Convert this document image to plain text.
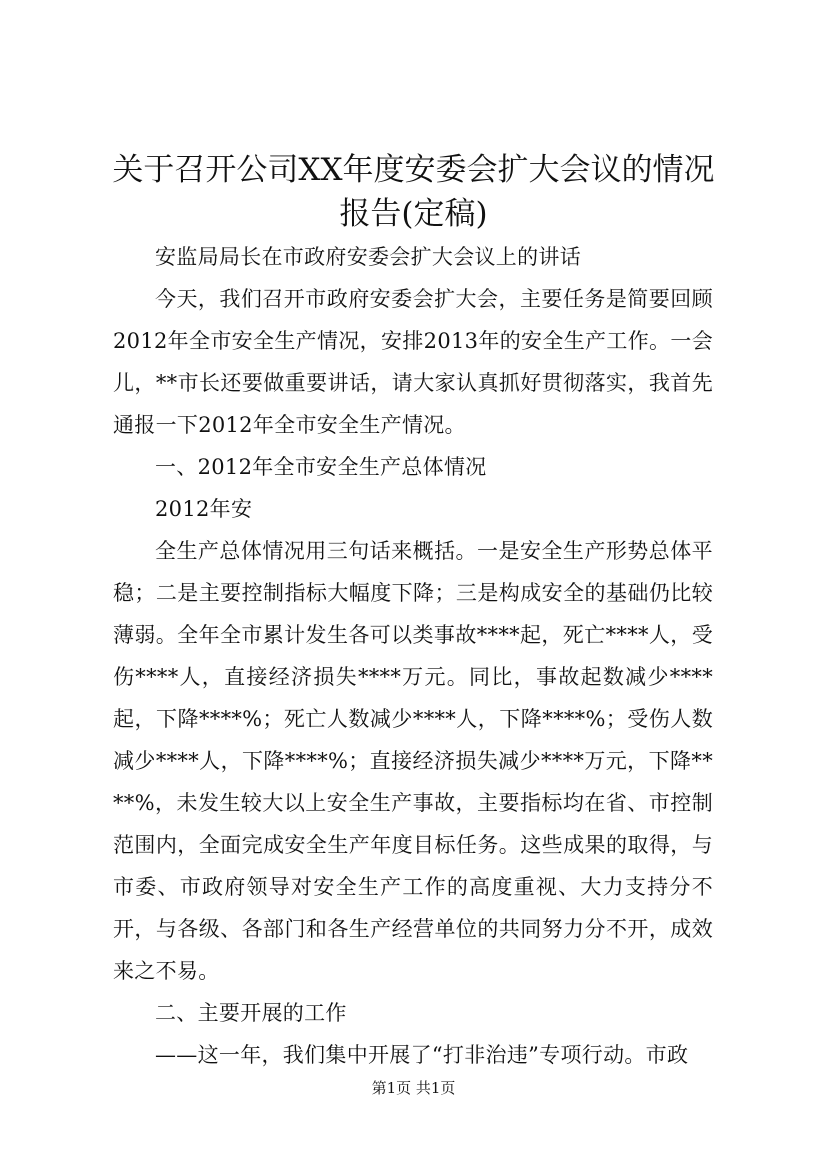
关于召开公司XX年度安委会扩大会议的情况
报告(定稿)

安监局局长在市政府安委会扩大会议上的讲话

今天，我们召开市政府安委会扩大会，主要任务是简要回顾2012年全市安全生产情况，安排2013年的安全生产工作。一会儿，**市长还要做重要讲话，请大家认真抓好贯彻落实，我首先通报一下2012年全市安全生产情况。

一、2012年全市安全生产总体情况

2012年安

全生产总体情况用三句话来概括。一是安全生产形势总体平稳；二是主要控制指标大幅度下降；三是构成安全的基础仍比较薄弱。全年全市累计发生各可以类事故****起，死亡****人，受伤****人，直接经济损失****万元。同比，事故起数减少****起，下降****%；死亡人数减少****人，下降****%；受伤人数减少****人，下降****%；直接经济损失减少****万元，下降****%，未发生较大以上安全生产事故，主要指标均在省、市控制范围内，全面完成安全生产年度目标任务。这些成果的取得，与市委、市政府领导对安全生产工作的高度重视、大力支持分不开，与各级、各部门和各生产经营单位的共同努力分不开，成效来之不易。

二、主要开展的工作

——这一年，我们集中开展了“打非治违”专项行动。市政

第1页 共1页
